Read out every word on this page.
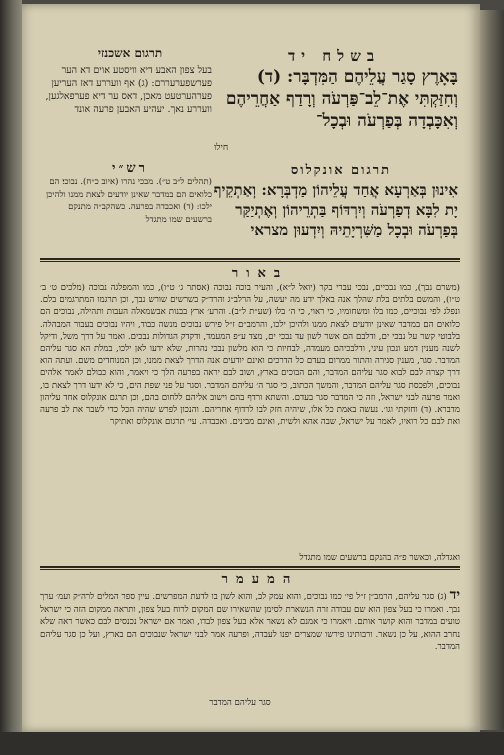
בשלח יד
תרגום אשכנזי
בעל צפון האבע דיא וויסטע אוים דא הער פערשפערעררם: (ג) אף וועררע דאז העריען פערהערטעט מאכן, דאס ער דיא פערפאלגען, וועררע נאך. יעהיע האבען פרעה אונד
בָּאָרֶץ סָגַר עֲלֵיהֶם הַמִּדְבָּר: (ד) וְחִזַּקְתִּי אֶת־לֵב־פַּרְעֹה וְרָדַף אַחֲרֵיהֶם וְאִכָּבְדָה בְּפַרְעֹה וּבְכָל־
חילו
רש״י
(תהלים ל״ב ט״). מבכי נהרו (איוב כ״ח). נבוכי׃ הם כלואים הם במדבר שאינן יודעים לצאת ממנו ולהיכן ילכו: (ד) ואכבדה בפרעה. כשהקב״ה מתנקם ברשעים שמו מתגדל
תרגום אונקלוס
אִינוּן בְּאַרְעָא אֲחַד עֲלֵיהוֹן מַדְבְּרָא: וְאַתְקֵיף יָת לִבָּא דְפַרְעֹה וְיִרְדּוֹף בַּתְרֵיהוֹן וְאֶתְיַקַּר בְּפַרְעֹה וּבְכָל מַשִּׁרְיָתֵיהּ וְיִדְעוּן מצראי
באור
(משרם נבך), כמו נבכיים, נבכי עברי בקר (יואל ל״א), והעיר בוכה נבוכה (אסתר ג׳ ט״ו), כמו והמפלגה נבוכה (מלכים ט׳ ב׳ ט״ו), והמשם בלתים בלת שהלך אנה באלך ידע מה יעשה, על הרלב״ג והרד״ק בשרשים שורש נבך, וכן תרגמו המתרגמים בלם. ונפלג לפי נבוכיים, כמו בלו ומשחומיו, כי ראוי, כי ה׳ בלו (שע״ת ל״ב). והרע׳ ארץ בבנות אבשמאלה העבות ותהילה, נבוכים הם כלואים הם במדבר שאינן יודעים לצאת ממנו ולהיכן ילכו, והרמב״ם ז״ל פירש נבוכים מנשה כבוד, ויהיו נבוכים בעבור המבהלה. בלבוטי קשר על נבכי ים, ודלבם הם אשר לשון עד נבכי ים, מצד ע״פ המעמד, ודקדק הגדולות נבכים. ואמר על דרך משל, ודיקל לשנה מענין דמע ונכון עיני, ודלבכיהם מעמדה, לבחיות כי הוא מלשון נבכי נהרות, שלא ידעו לאן ילכו, במלת הא סגר עליהם המדבר. סגר, מענין סגירה והתור ממרום בעדם כל הדרכים ואינם יודעים אנה הדרך לצאת ממנו, וכן המנוחדים משם. ועתה הוא דרך קצרה לבם לבוא סגר עליהם המדבר, והם הבוכים בארץ, ושוב לבם יראה בפרעה הלך כי ויאמר, והוא כבולם לאמר אלהים נבוכים, ולפכסת סגר עליהם המדבר, והמשך הכתוב, כי סגר ה׳ עליהם המדבר. וסגר על פני שפת הים, כי לא ידעו דרך לצאת בו, ואמר פרעה לבני ישראל, וזה כי המדבר סגר בעדם. והשתא ורדף בהם וישוב אליהם ללחום בהם, וכן תרגם אונקלוס אחד עליהון מדברא. (ד) וחזקתי וגו׳. נעשה באמת כל אלו, שיהיה חזק לבו לרדוף אחריהם. והנכון לפרש שהיה הכל כדי לשבר את לב פרעה ואת לבם כל רואיו, לאמר על ישראל, שבה אהא ולשית, ואינם מבינים. ואכבדה. עי׳ תרגום אונקלוס ואתיקר
ואגדלה, וכאשר פ״ה בהנקם ברשעים שמו מתגדל
המעמר
יד (ג) סגר עליהם, הרמב״ן ז״ל פי׳ כמו נבוכים, והוא עמק לב, והוא לשון בו לדעת המפרשים. עיין ספר המלים לרה״ק ועמ׳ ערך נבך. ואמרו כי בעל צפון הוא שם עבודה זרה הנשארת לסימן שהשאירו שם המקום לרוח בעל צפון, ותראה ממקום הזה כי ישראל טועים במדבר והוא קושר אותם. ויאמרו כי אמנם לא נשאר אלא בעל צפון לבדו, ואמר אם ישראל נכנסים לבם כאשר ראה שלא נחרב ההוא, על כן נשאר. ורבותינו פירשו שמצרים יפנו לעבדה, ופרעה אמר לבני ישראל שנבוכים הם בארץ, ועל כן סגר עליהם המדבר.
סגר עליהם המדבר
